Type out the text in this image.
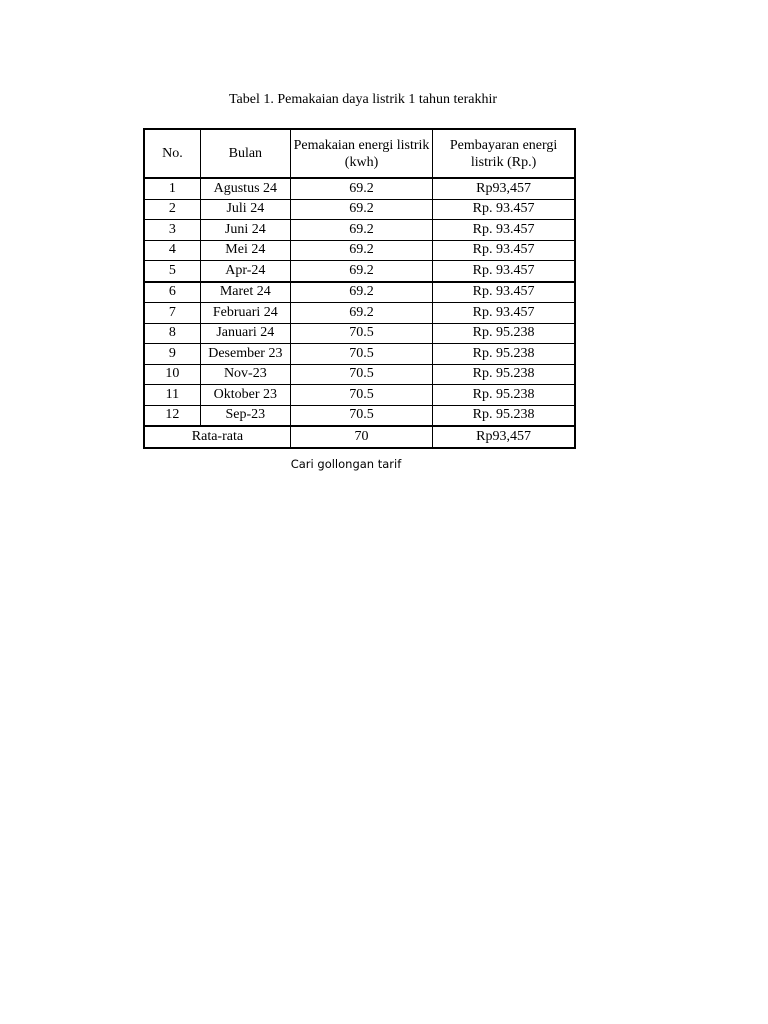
Tabel 1. Pemakaian daya listrik 1 tahun terakhir
No.	Bulan	Pemakaian energi listrik (kwh)	Pembayaran energi listrik (Rp.)
1	Agustus 24	69.2	Rp93,457
2	Juli 24	69.2	Rp. 93.457
3	Juni 24	69.2	Rp. 93.457
4	Mei 24	69.2	Rp. 93.457
5	Apr-24	69.2	Rp. 93.457
6	Maret 24	69.2	Rp. 93.457
7	Februari 24	69.2	Rp. 93.457
8	Januari 24	70.5	Rp. 95.238
9	Desember 23	70.5	Rp. 95.238
10	Nov-23	70.5	Rp. 95.238
11	Oktober 23	70.5	Rp. 95.238
12	Sep-23	70.5	Rp. 95.238
Rata-rata		70	Rp93,457
Cari gollongan tarif
